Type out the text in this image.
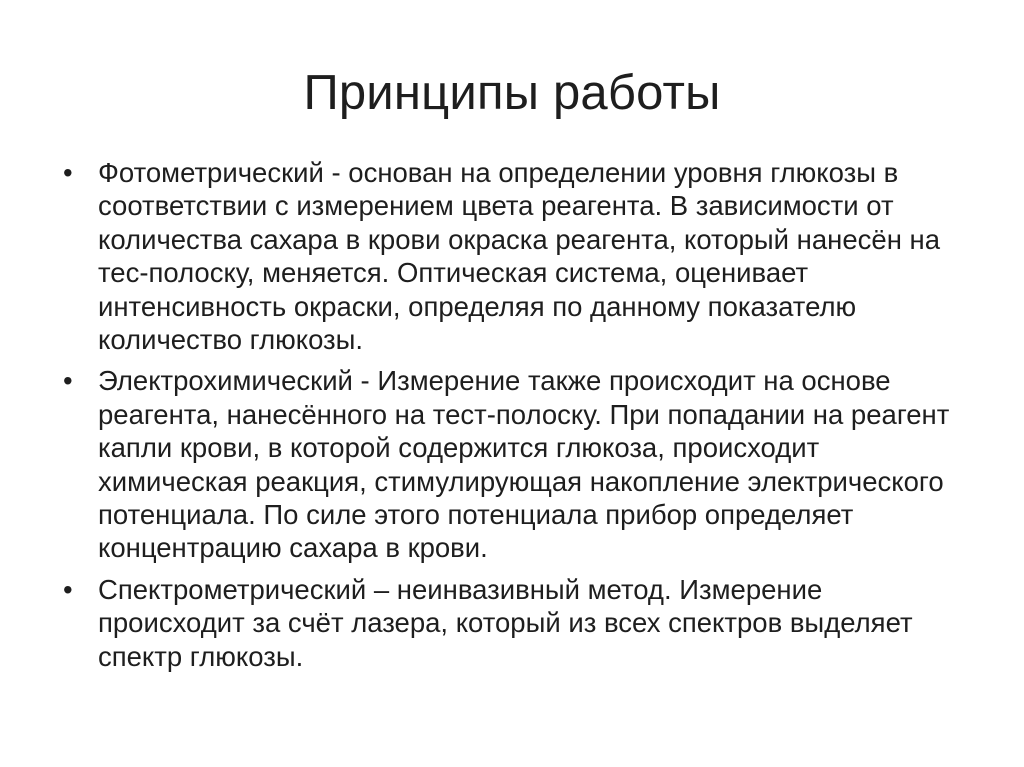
Принципы работы
• Фотометрический - основан на определении уровня глюкозы в соответствии с измерением цвета реагента. В зависимости от количества сахара в крови окраска реагента, который нанесён на тес-полоску, меняется. Оптическая система, оценивает интенсивность окраски, определяя по данному показателю количество глюкозы.
• Электрохимический - Измерение также происходит на основе реагента, нанесённого на тест-полоску. При попадании на реагент капли крови, в которой содержится глюкоза, происходит химическая реакция, стимулирующая накопление электрического потенциала. По силе этого потенциала прибор определяет концентрацию сахара в крови.
• Спектрометрический – неинвазивный метод. Измерение происходит за счёт лазера, который из всех спектров выделяет спектр глюкозы.
